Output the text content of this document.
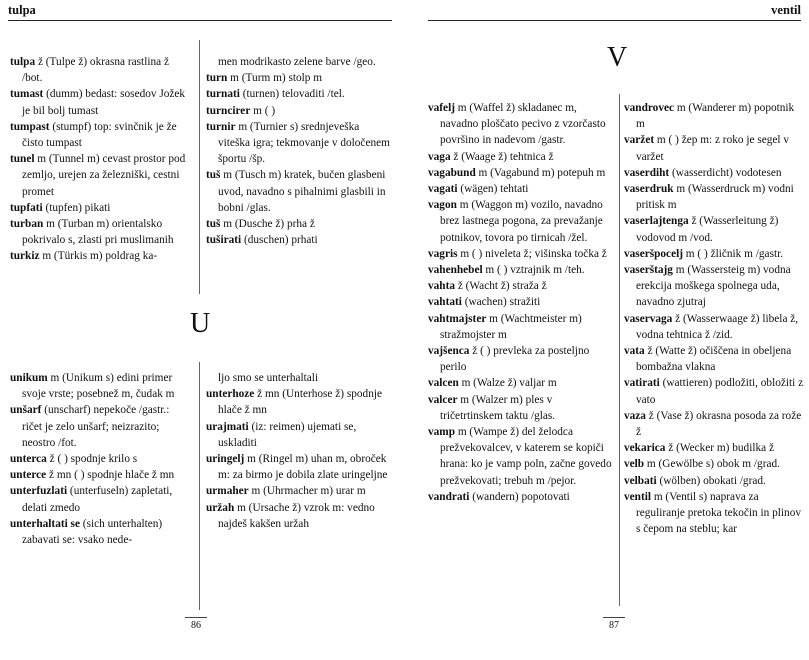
tulpa

tulpa ž (Tulpe ž) okrasna rastlina ž /bot.

tumast (dumm) bedast: sosedov Jožek je bil bolj tumast

tumpast (stumpf) top: svinčnik je že čisto tumpast

tunel m (Tunnel m) cevast prostor pod zemljo, urejen za železniški, cestni promet

tupfati (tupfen) pikati

turban m (Turban m) orientalsko pokrivalo s, zlasti pri muslimanih

turkiz m (Türkis m) poldrag ka-

men modrikasto zelene barve /geo.

turn m (Turm m) stolp m

turnati (turnen) telovaditi /tel.

turncirer m ( )

turnir m (Turnier s) srednjeveška viteška igra; tekmovanje v določenem športu /šp.

tuš m (Tusch m) kratek, bučen glasbeni uvod, navadno s pihalnimi glasbili in bobni /glas.

tuš m (Dusche ž) prha ž

tuširati (duschen) prhati

U

unikum m (Unikum s) edini primer svoje vrste; posebnež m, čudak m

unšarf (unscharf) nepekoče /gastr.: ričet je zelo unšarf; neizrazito; neostro /fot.

unterca ž ( ) spodnje krilo s

unterce ž mn ( ) spodnje hlače ž mn

unterfuzlati (unterfuseln) zapletati, delati zmedo

unterhaltati se (sich unterhalten) zabavati se: vsako nede-

ljo smo se unterhaltali

unterhoze ž mn (Unterhose ž) spodnje hlače ž mn

urajmati (iz: reimen) ujemati se, uskladiti

uringelj m (Ringel m) uhan m, obroček m: za birmo je dobila zlate uringeljne

urmaher m (Uhrmacher m) urar m

uržah m (Ursache ž) vzrok m: vedno najdeš kakšen uržah

86
ventil
V

vafelj m (Waffel ž) skladanec m, navadno ploščato pecivo z vzorčasto površino in nadevom /gastr.

vaga ž (Waage ž) tehtnica ž

vagabund m (Vagabund m) potepuh m

vagati (wägen) tehtati

vagon m (Waggon m) vozilo, navadno brez lastnega pogona, za prevažanje potnikov, tovora po tirnicah /žel.

vagris m ( ) niveleta ž; višinska točka ž

vahenhebel m ( ) vztrajnik m /teh.

vahta ž (Wacht ž) straža ž

vahtati (wachen) stražiti

vahtmajster m (Wachtmeister m) stražmojster m

vajšenca ž ( ) prevleka za posteljno perilo

valcen m (Walze ž) valjar m

valcer m (Walzer m) ples v tričetrtinskem taktu /glas.

vamp m (Wampe ž) del želodca prežvekovalcev, v katerem se kopiči hrana: ko je vamp poln, začne govedo prežvekovati; trebuh m /pejor.

vandrati (wandern) popotovati

vandrovec m (Wanderer m) popotnik m

varžet m ( ) žep m: z roko je segel v varžet

vaserdiht (wasserdicht) vodotesen

vaserdruk m (Wasserdruck m) vodni pritisk m

vaserlajtenga ž (Wasserleitung ž) vodovod m /vod.

vaseršpocelj m ( ) žličnik m /gastr.

vaserštajg m (Wassersteig m) vodna erekcija moškega spolnega uda, navadno zjutraj

vaservaga ž (Wasserwaage ž) libela ž, vodna tehtnica ž /zid.

vata ž (Watte ž) očiščena in obeljena bombažna vlakna

vatirati (wattieren) podložiti, obložiti z vato

vaza ž (Vase ž) okrasna posoda za rože ž

vekarica ž (Wecker m) budilka ž

velb m (Gewölbe s) obok m /grad.

velbati (wölben) obokati /grad.

ventil m (Ventil s) naprava za reguliranje pretoka tekočin in plinov s čepom na steblu; kar

87
